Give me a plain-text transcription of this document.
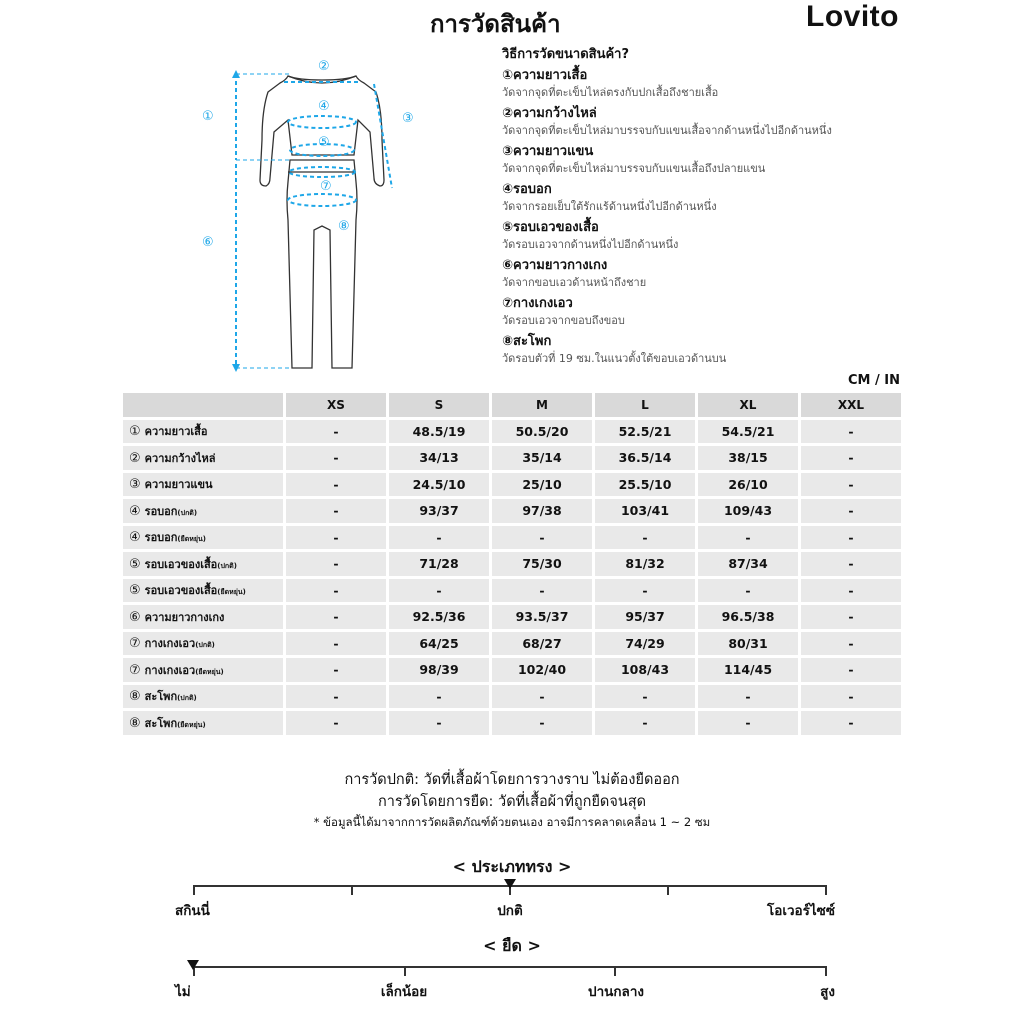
การวัดสินค้า	Lovito
①
②
③
④
⑤
⑥
⑦
⑧
วิธีการวัดขนาดสินค้า?
①ความยาวเสื้อ
วัดจากจุดที่ตะเข็บไหล่ตรงกับปกเสื้อถึงชายเสื้อ
②ความกว้างไหล่
วัดจากจุดที่ตะเข็บไหล่มาบรรจบกับแขนเสื้อจากด้านหนึ่งไปอีกด้านหนึ่ง
③ความยาวแขน
วัดจากจุดที่ตะเข็บไหล่มาบรรจบกับแขนเสื้อถึงปลายแขน
④รอบอก
วัดจากรอยเย็บใต้รักแร้ด้านหนึ่งไปอีกด้านหนึ่ง
⑤รอบเอวของเสื้อ
วัดรอบเอวจากด้านหนึ่งไปอีกด้านหนึ่ง
⑥ความยาวกางเกง
วัดจากขอบเอวด้านหน้าถึงชาย
⑦กางเกงเอว
วัดรอบเอวจากขอบถึงขอบ
⑧สะโพก
วัดรอบตัวที่ 19 ซม.ในแนวตั้งใต้ขอบเอวด้านบน
CM / IN
	XS	S	M	L	XL	XXL
① ความยาวเสื้อ	-	48.5/19	50.5/20	52.5/21	54.5/21	-
② ความกว้างไหล่	-	34/13	35/14	36.5/14	38/15	-
③ ความยาวแขน	-	24.5/10	25/10	25.5/10	26/10	-
④ รอบอก(ปกติ)	-	93/37	97/38	103/41	109/43	-
④ รอบอก(ยืดหยุ่น)	-	-	-	-	-	-
⑤ รอบเอวของเสื้อ(ปกติ)	-	71/28	75/30	81/32	87/34	-
⑤ รอบเอวของเสื้อ(ยืดหยุ่น)	-	-	-	-	-	-
⑥ ความยาวกางเกง	-	92.5/36	93.5/37	95/37	96.5/38	-
⑦ กางเกงเอว(ปกติ)	-	64/25	68/27	74/29	80/31	-
⑦ กางเกงเอว(ยืดหยุ่น)	-	98/39	102/40	108/43	114/45	-
⑧ สะโพก(ปกติ)	-	-	-	-	-	-
⑧ สะโพก(ยืดหยุ่น)	-	-	-	-	-	-
การวัดปกติ: วัดที่เสื้อผ้าโดยการวางราบ ไม่ต้องยืดออก
การวัดโดยการยืด: วัดที่เสื้อผ้าที่ถูกยืดจนสุด
* ข้อมูลนี้ได้มาจากการวัดผลิตภัณฑ์ด้วยตนเอง อาจมีการคลาดเคลื่อน 1 ~ 2 ซม
< ประเภททรง >
สกินนี่	ปกติ	โอเวอร์ไซซ์
< ยืด >
ไม่	เล็กน้อย	ปานกลาง	สูง
